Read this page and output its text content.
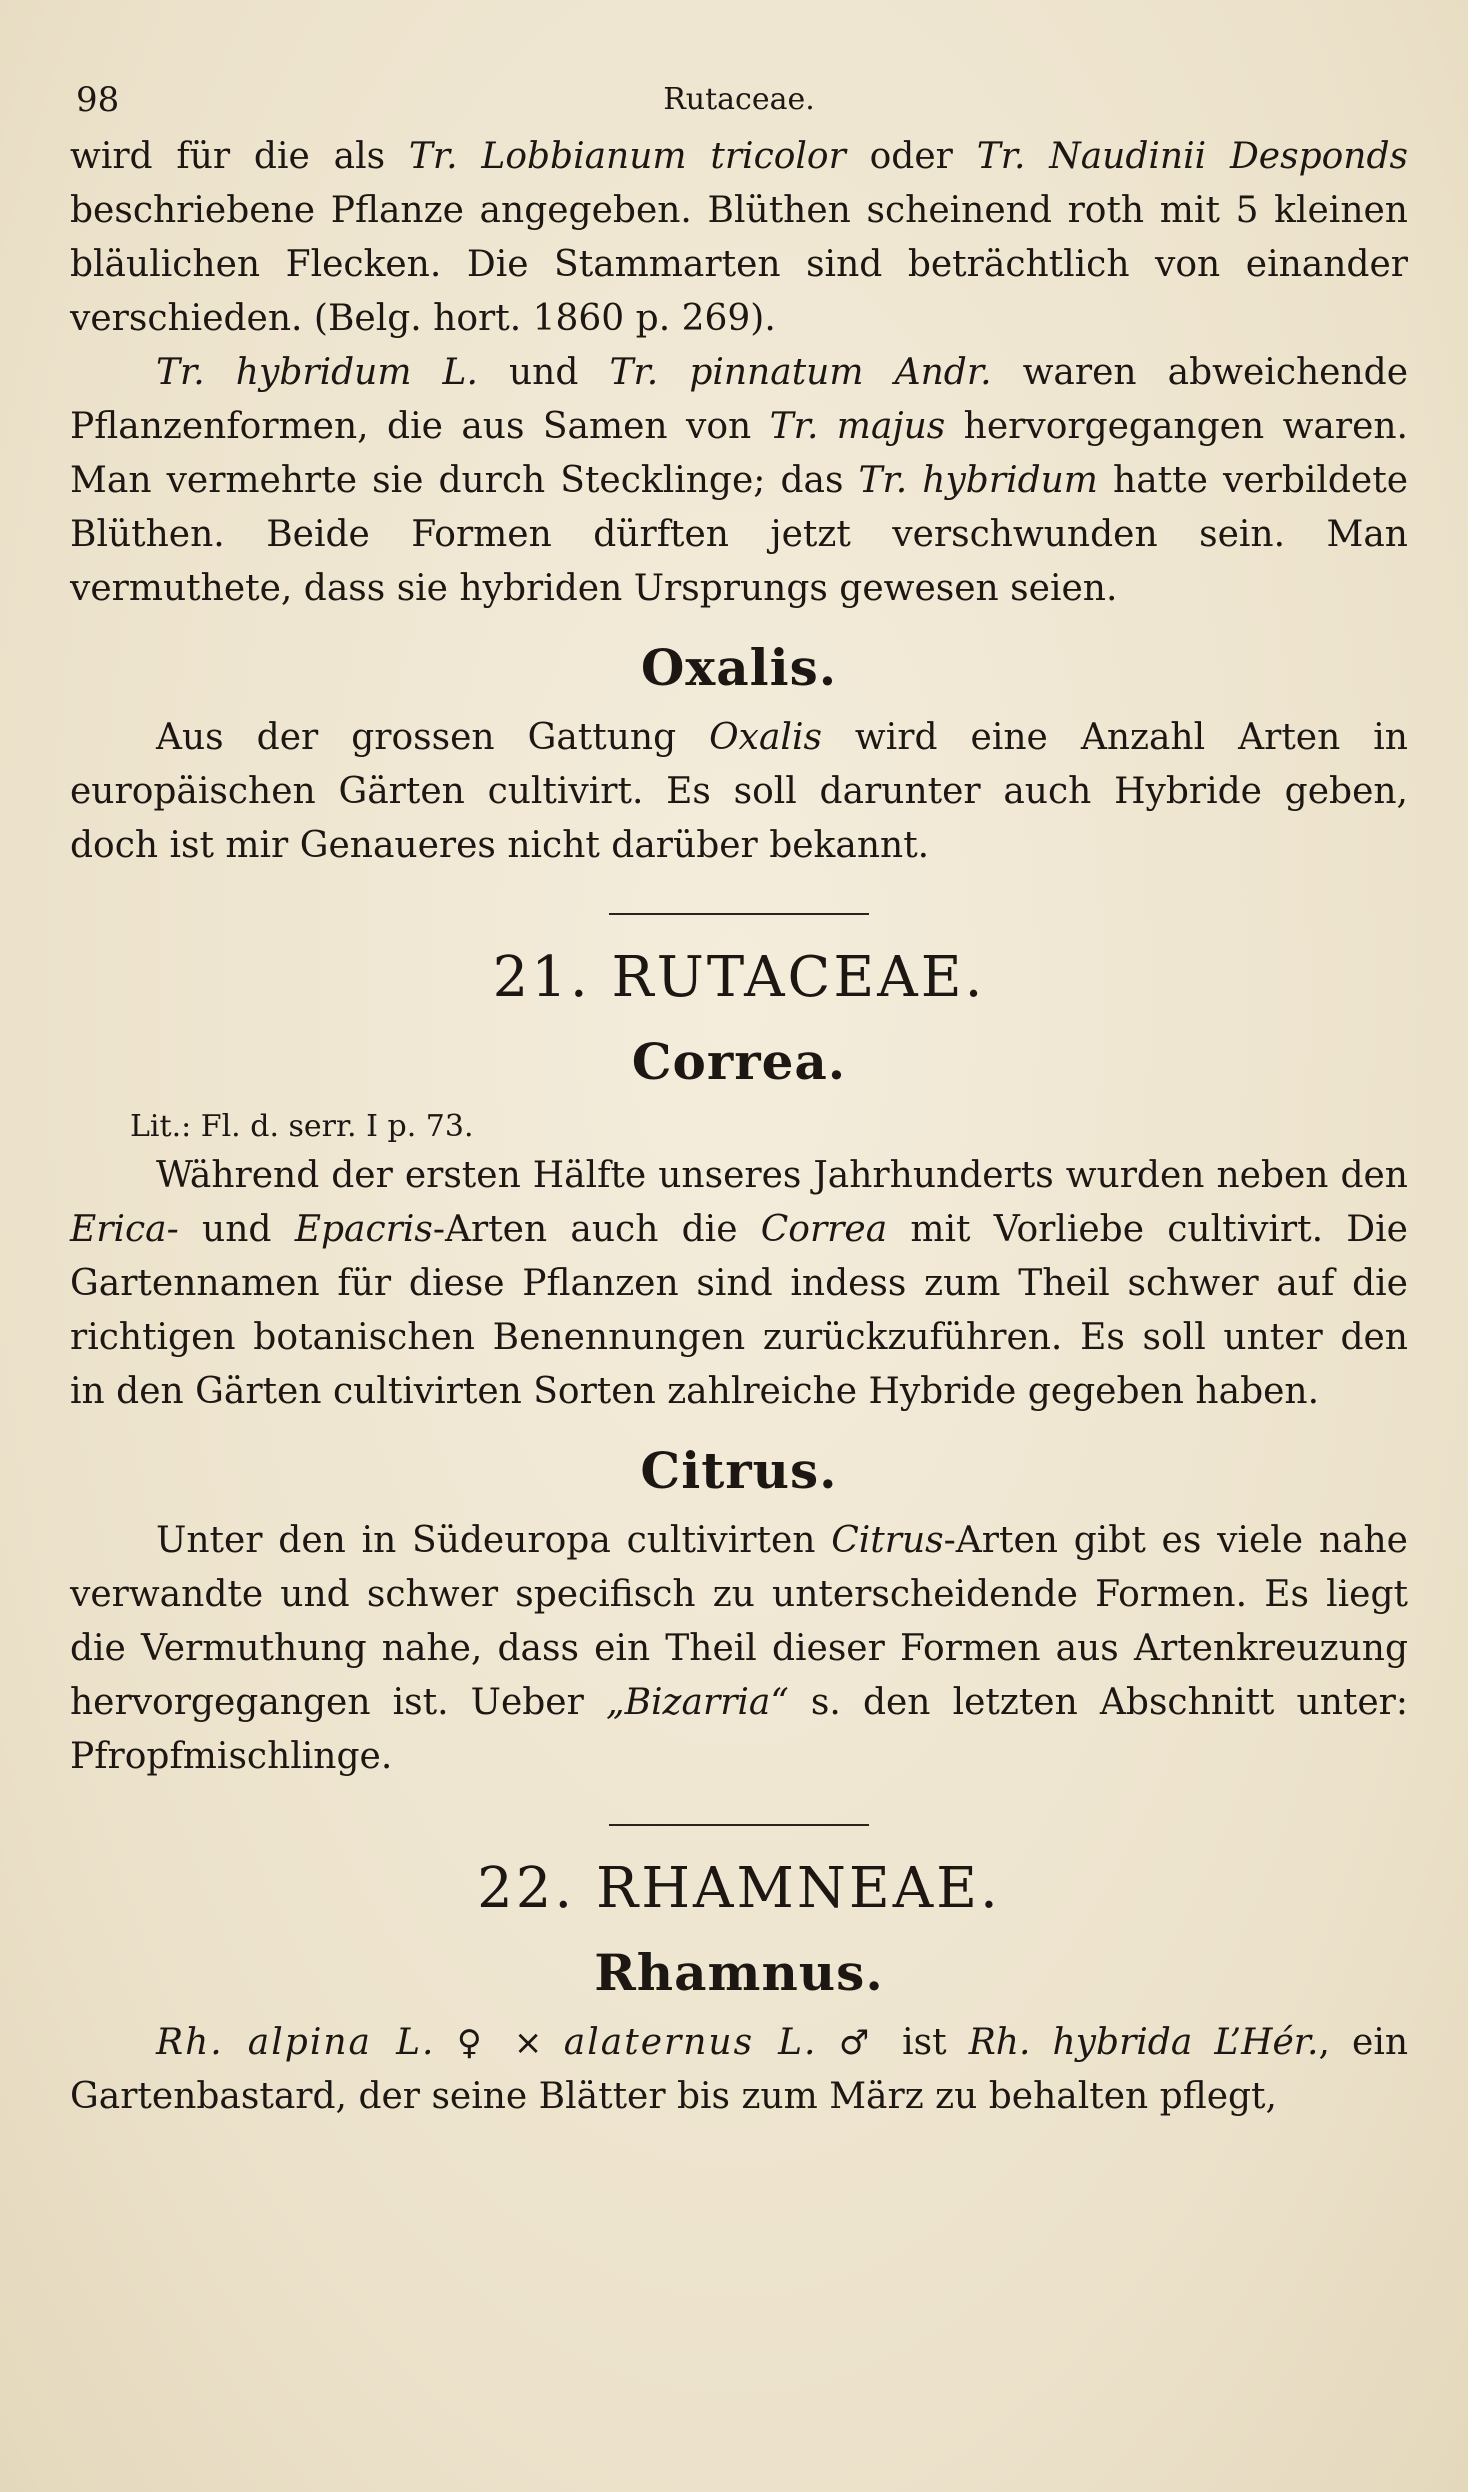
98	Rutaceae.

wird für die als Tr. Lobbianum tricolor oder Tr. Naudinii Desponds beschriebene Pflanze angegeben. Blüthen scheinend roth mit 5 kleinen bläulichen Flecken. Die Stammarten sind beträchtlich von einander verschieden. (Belg. hort. 1860 p. 269).

Tr. hybridum L. und Tr. pinnatum Andr. waren abweichende Pflanzenformen, die aus Samen von Tr. majus hervorgegangen waren. Man vermehrte sie durch Stecklinge; das Tr. hybridum hatte verbildete Blüthen. Beide Formen dürften jetzt verschwunden sein. Man vermuthete, dass sie hybriden Ursprungs gewesen seien.

Oxalis.

Aus der grossen Gattung Oxalis wird eine Anzahl Arten in europäischen Gärten cultivirt. Es soll darunter auch Hybride geben, doch ist mir Genaueres nicht darüber bekannt.

21. RUTACEAE.
Correa.
Lit.: Fl. d. serr. I p. 73.

Während der ersten Hälfte unseres Jahrhunderts wurden neben den Erica- und Epacris-Arten auch die Correa mit Vorliebe cultivirt. Die Gartennamen für diese Pflanzen sind indess zum Theil schwer auf die richtigen botanischen Benennungen zurückzuführen. Es soll unter den in den Gärten cultivirten Sorten zahlreiche Hybride gegeben haben.

Citrus.

Unter den in Südeuropa cultivirten Citrus-Arten gibt es viele nahe verwandte und schwer specifisch zu unterscheidende Formen. Es liegt die Vermuthung nahe, dass ein Theil dieser Formen aus Artenkreuzung hervorgegangen ist. Ueber „Bizarria“ s. den letzten Abschnitt unter: Pfropfmischlinge.

22. RHAMNEAE.
Rhamnus.

Rh. alpina L. ♀ ⨯ alaternus L. ♂ ist Rh. hybrida L’Hér., ein Gartenbastard, der seine Blätter bis zum März zu behalten pflegt,
